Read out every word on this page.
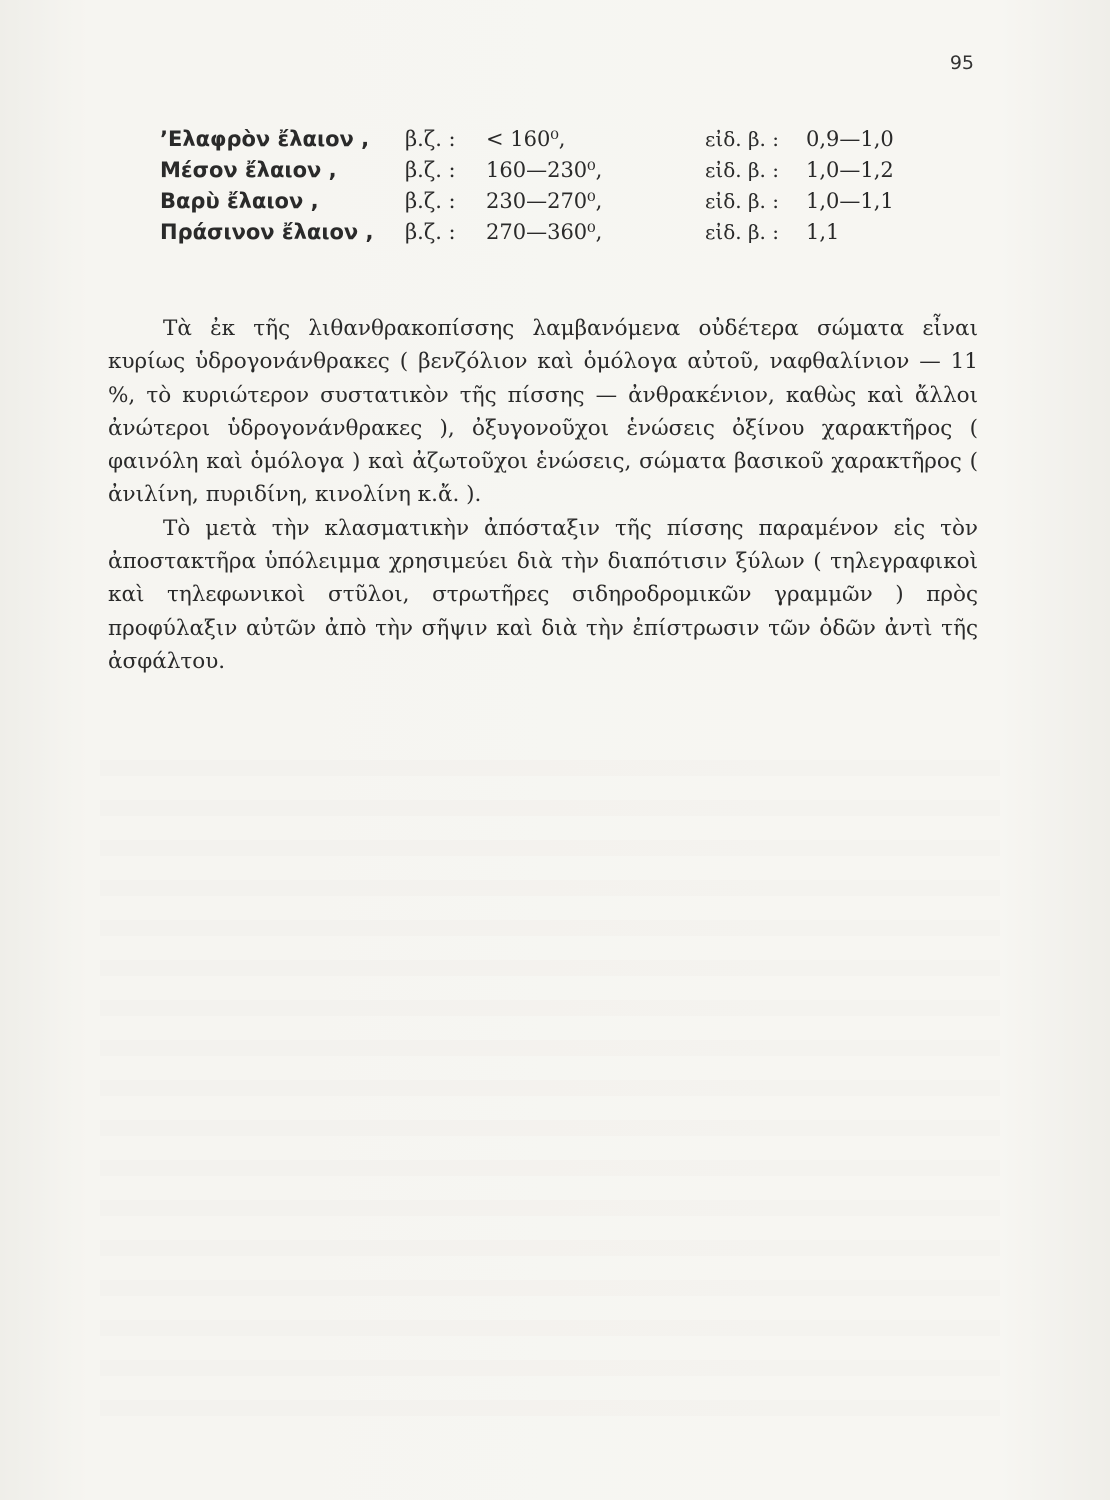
95
’Ελαφρὸν ἔλαιον , β.ζ. : < 160⁰,	εἰδ. β. : 0,9—1,0
Μέσον ἔλαιον ,	β.ζ. : 160—230⁰,	εἰδ. β. : 1,0—1,2
Βαρὺ ἔλαιον ,	β.ζ. : 230—270⁰,	εἰδ. β. : 1,0—1,1
Πράσινον ἔλαιον , β.ζ. : 270—360⁰,	εἰδ. β. : 1,1

Τὰ ἐκ τῆς λιθανθρακοπίσσης λαμβανόμενα οὐδέτερα σώματα εἶναι κυρίως ὑδρογονάνθρακες ( βενζόλιον καὶ ὁμόλογα αὐτοῦ, ναφθαλίνιον — 11 %, τὸ κυριώτερον συστατικὸν τῆς πίσσης — ἀνθρακένιον, καθὼς καὶ ἄλλοι ἀνώτεροι ὑδρογονάνθρακες ), ὀξυγονοῦχοι ἑνώσεις ὀξίνου χαρακτῆρος ( φαινόλη καὶ ὁμόλογα ) καὶ ἀζωτοῦχοι ἑνώσεις, σώματα βασικοῦ χαρακτῆρος ( ἀνιλίνη, πυριδίνη, κινολίνη κ.ἄ. ).

Τὸ μετὰ τὴν κλασματικὴν ἀπόσταξιν τῆς πίσσης παραμένον εἰς τὸν ἀποστακτῆρα ὑπόλειμμα χρησιμεύει διὰ τὴν διαπότισιν ξύλων ( τηλεγραφικοὶ καὶ τηλεφωνικοὶ στῦλοι, στρωτῆρες σιδηροδρομικῶν γραμμῶν ) πρὸς προφύλαξιν αὐτῶν ἀπὸ τὴν σῆψιν καὶ διὰ τὴν ἐπίστρωσιν τῶν ὁδῶν ἀντὶ τῆς ἀσφάλτου.
